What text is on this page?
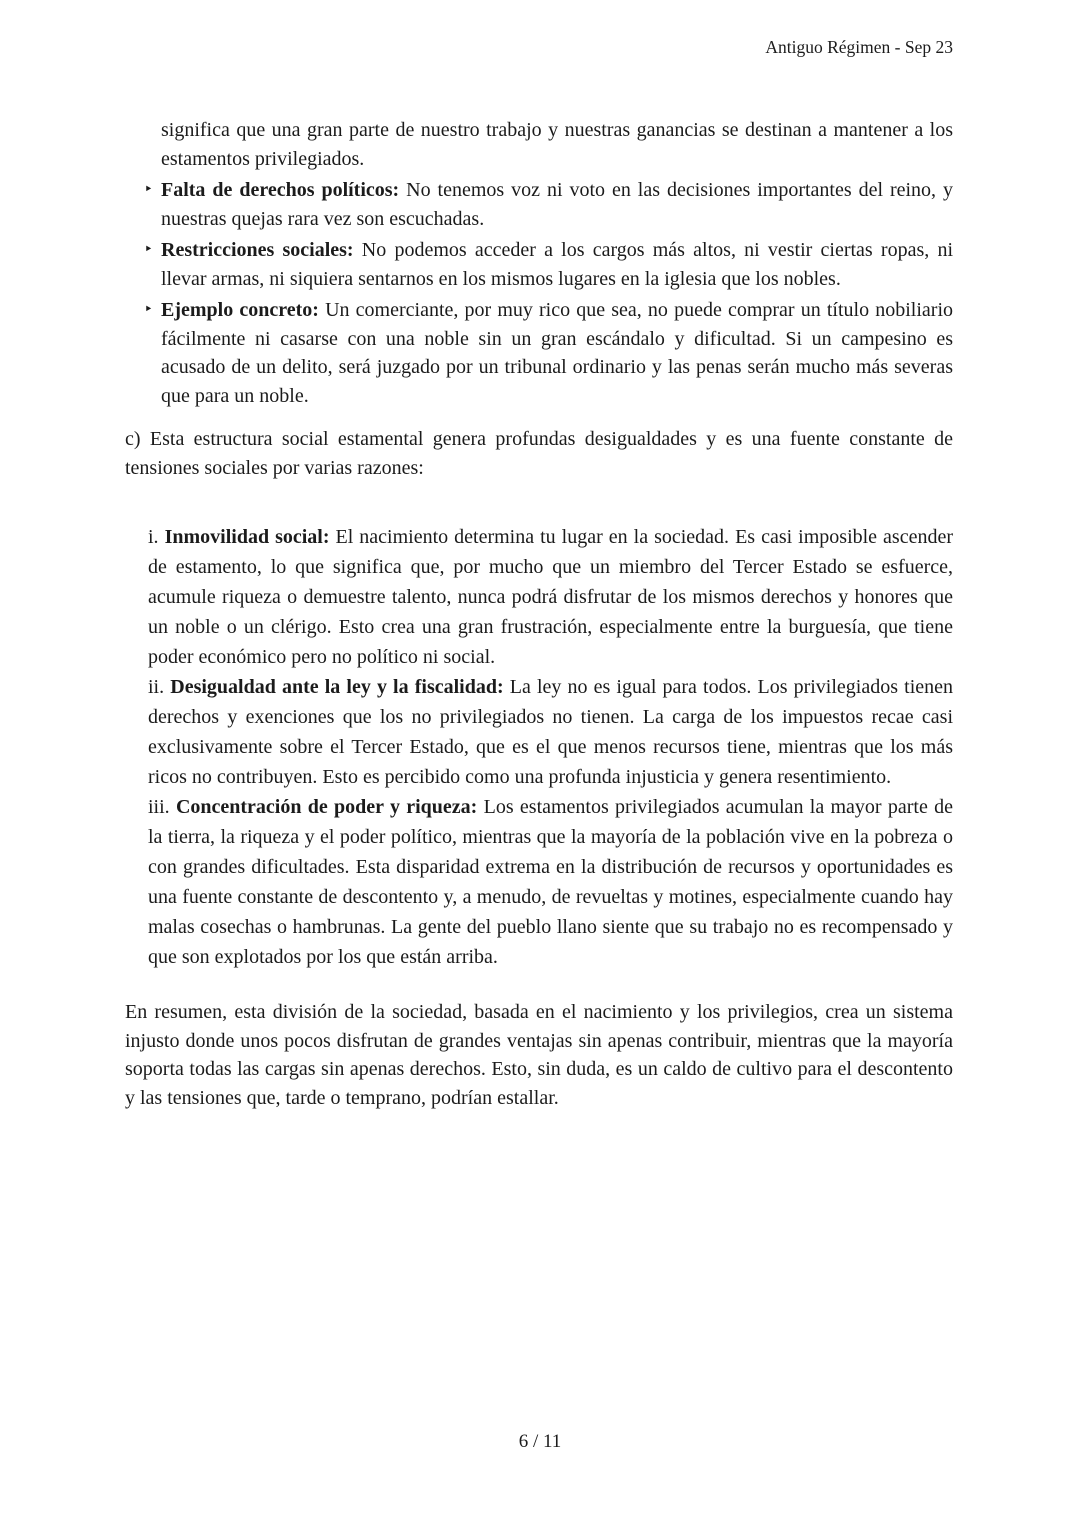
Antiguo Régimen - Sep 23

significa que una gran parte de nuestro trabajo y nuestras ganancias se destinan a mantener a los estamentos privilegiados.

‣ Falta de derechos políticos: No tenemos voz ni voto en las decisiones importantes del reino, y nuestras quejas rara vez son escuchadas.
‣ Restricciones sociales: No podemos acceder a los cargos más altos, ni vestir ciertas ropas, ni llevar armas, ni siquiera sentarnos en los mismos lugares en la iglesia que los nobles.
‣ Ejemplo concreto: Un comerciante, por muy rico que sea, no puede comprar un título nobiliario fácilmente ni casarse con una noble sin un gran escándalo y dificultad. Si un campesino es acusado de un delito, será juzgado por un tribunal ordinario y las penas serán mucho más severas que para un noble.

c) Esta estructura social estamental genera profundas desigualdades y es una fuente constante de tensiones sociales por varias razones:

i. Inmovilidad social: El nacimiento determina tu lugar en la sociedad. Es casi imposible ascender de estamento, lo que significa que, por mucho que un miembro del Tercer Estado se esfuerce, acumule riqueza o demuestre talento, nunca podrá disfrutar de los mismos derechos y honores que un noble o un clérigo. Esto crea una gran frustración, especialmente entre la burguesía, que tiene poder económico pero no político ni social.
ii. Desigualdad ante la ley y la fiscalidad: La ley no es igual para todos. Los privilegiados tienen derechos y exenciones que los no privilegiados no tienen. La carga de los impuestos recae casi exclusivamente sobre el Tercer Estado, que es el que menos recursos tiene, mientras que los más ricos no contribuyen. Esto es percibido como una profunda injusticia y genera resentimiento.
iii. Concentración de poder y riqueza: Los estamentos privilegiados acumulan la mayor parte de la tierra, la riqueza y el poder político, mientras que la mayoría de la población vive en la pobreza o con grandes dificultades. Esta disparidad extrema en la distribución de recursos y oportunidades es una fuente constante de descontento y, a menudo, de revueltas y motines, especialmente cuando hay malas cosechas o hambrunas. La gente del pueblo llano siente que su trabajo no es recompensado y que son explotados por los que están arriba.

En resumen, esta división de la sociedad, basada en el nacimiento y los privilegios, crea un sistema injusto donde unos pocos disfrutan de grandes ventajas sin apenas contribuir, mientras que la mayoría soporta todas las cargas sin apenas derechos. Esto, sin duda, es un caldo de cultivo para el descontento y las tensiones que, tarde o temprano, podrían estallar.

6 / 11
